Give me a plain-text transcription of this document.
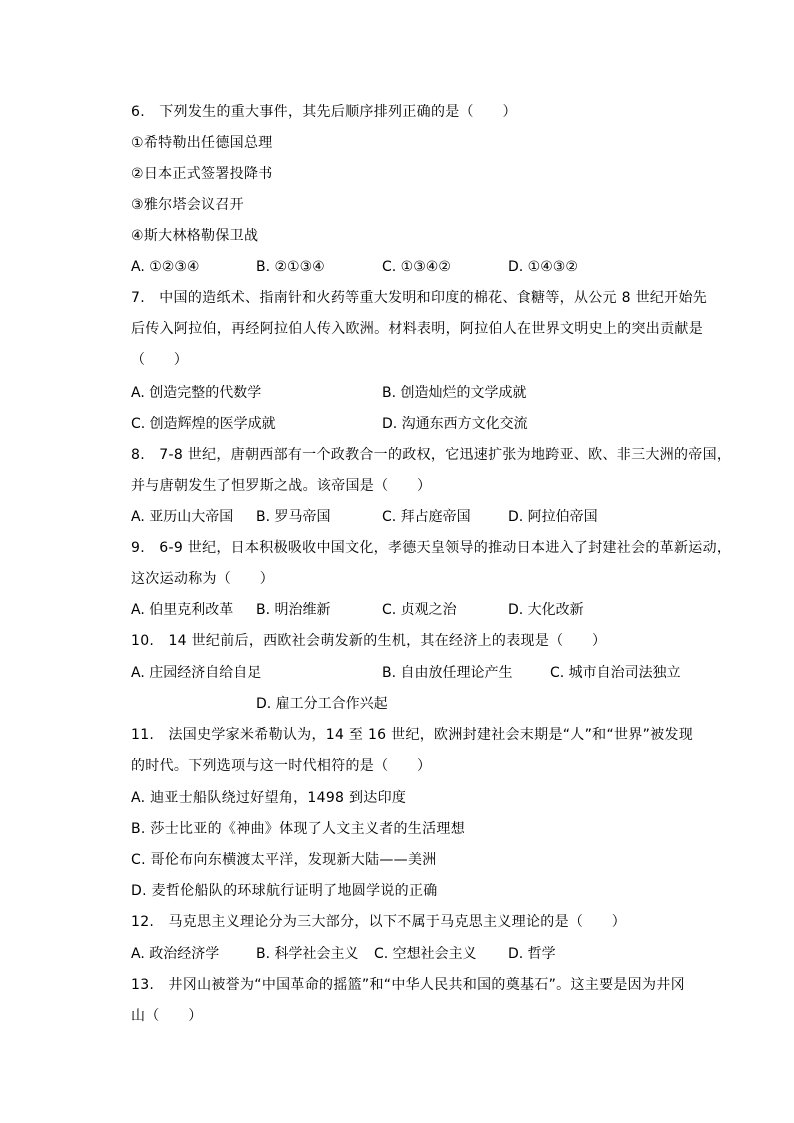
6.　下列发生的重大事件，其先后顺序排列正确的是（　　）
①希特勒出任德国总理
②日本正式签署投降书
③雅尔塔会议召开
④斯大林格勒保卫战
A. ①②③④	B. ②①③④	C. ①③④②	D. ①④③②
7.　中国的造纸术、指南针和火药等重大发明和印度的棉花、食糖等，从公元 8 世纪开始先
后传入阿拉伯，再经阿拉伯人传入欧洲。材料表明，阿拉伯人在世界文明史上的突出贡献是
（　　）
A. 创造完整的代数学	B. 创造灿烂的文学成就
C. 创造辉煌的医学成就	D. 沟通东西方文化交流
8.　7-8 世纪，唐朝西部有一个政教合一的政权，它迅速扩张为地跨亚、欧、非三大洲的帝国，
并与唐朝发生了怛罗斯之战。该帝国是（　　）
A. 亚历山大帝国 B. 罗马帝国	C. 拜占庭帝国	D. 阿拉伯帝国
9.　6-9 世纪，日本积极吸收中国文化，孝德天皇领导的推动日本进入了封建社会的革新运动，
这次运动称为（　　）
A. 伯里克利改革 B. 明治维新	C. 贞观之治	D. 大化改新
10.　14 世纪前后，西欧社会萌发新的生机，其在经济上的表现是（　　）
A. 庄园经济自给自足	B. 自由放任理论产生	C. 城市自治司法独立
D. 雇工分工合作兴起
11.　法国史学家米希勒认为，14 至 16 世纪，欧洲封建社会末期是“人”和“世界”被发现
的时代。下列选项与这一时代相符的是（　　）
A. 迪亚士船队绕过好望角，1498 到达印度
B. 莎士比亚的《神曲》体现了人文主义者的生活理想
C. 哥伦布向东横渡太平洋，发现新大陆——美洲
D. 麦哲伦船队的环球航行证明了地圆学说的正确
12.　马克思主义理论分为三大部分，以下不属于马克思主义理论的是（　　）
A. 政治经济学	B. 科学社会主义 C. 空想社会主义 D. 哲学
13.　井冈山被誉为“中国革命的摇篮”和“中华人民共和国的奠基石”。这主要是因为井冈
山（　　）
